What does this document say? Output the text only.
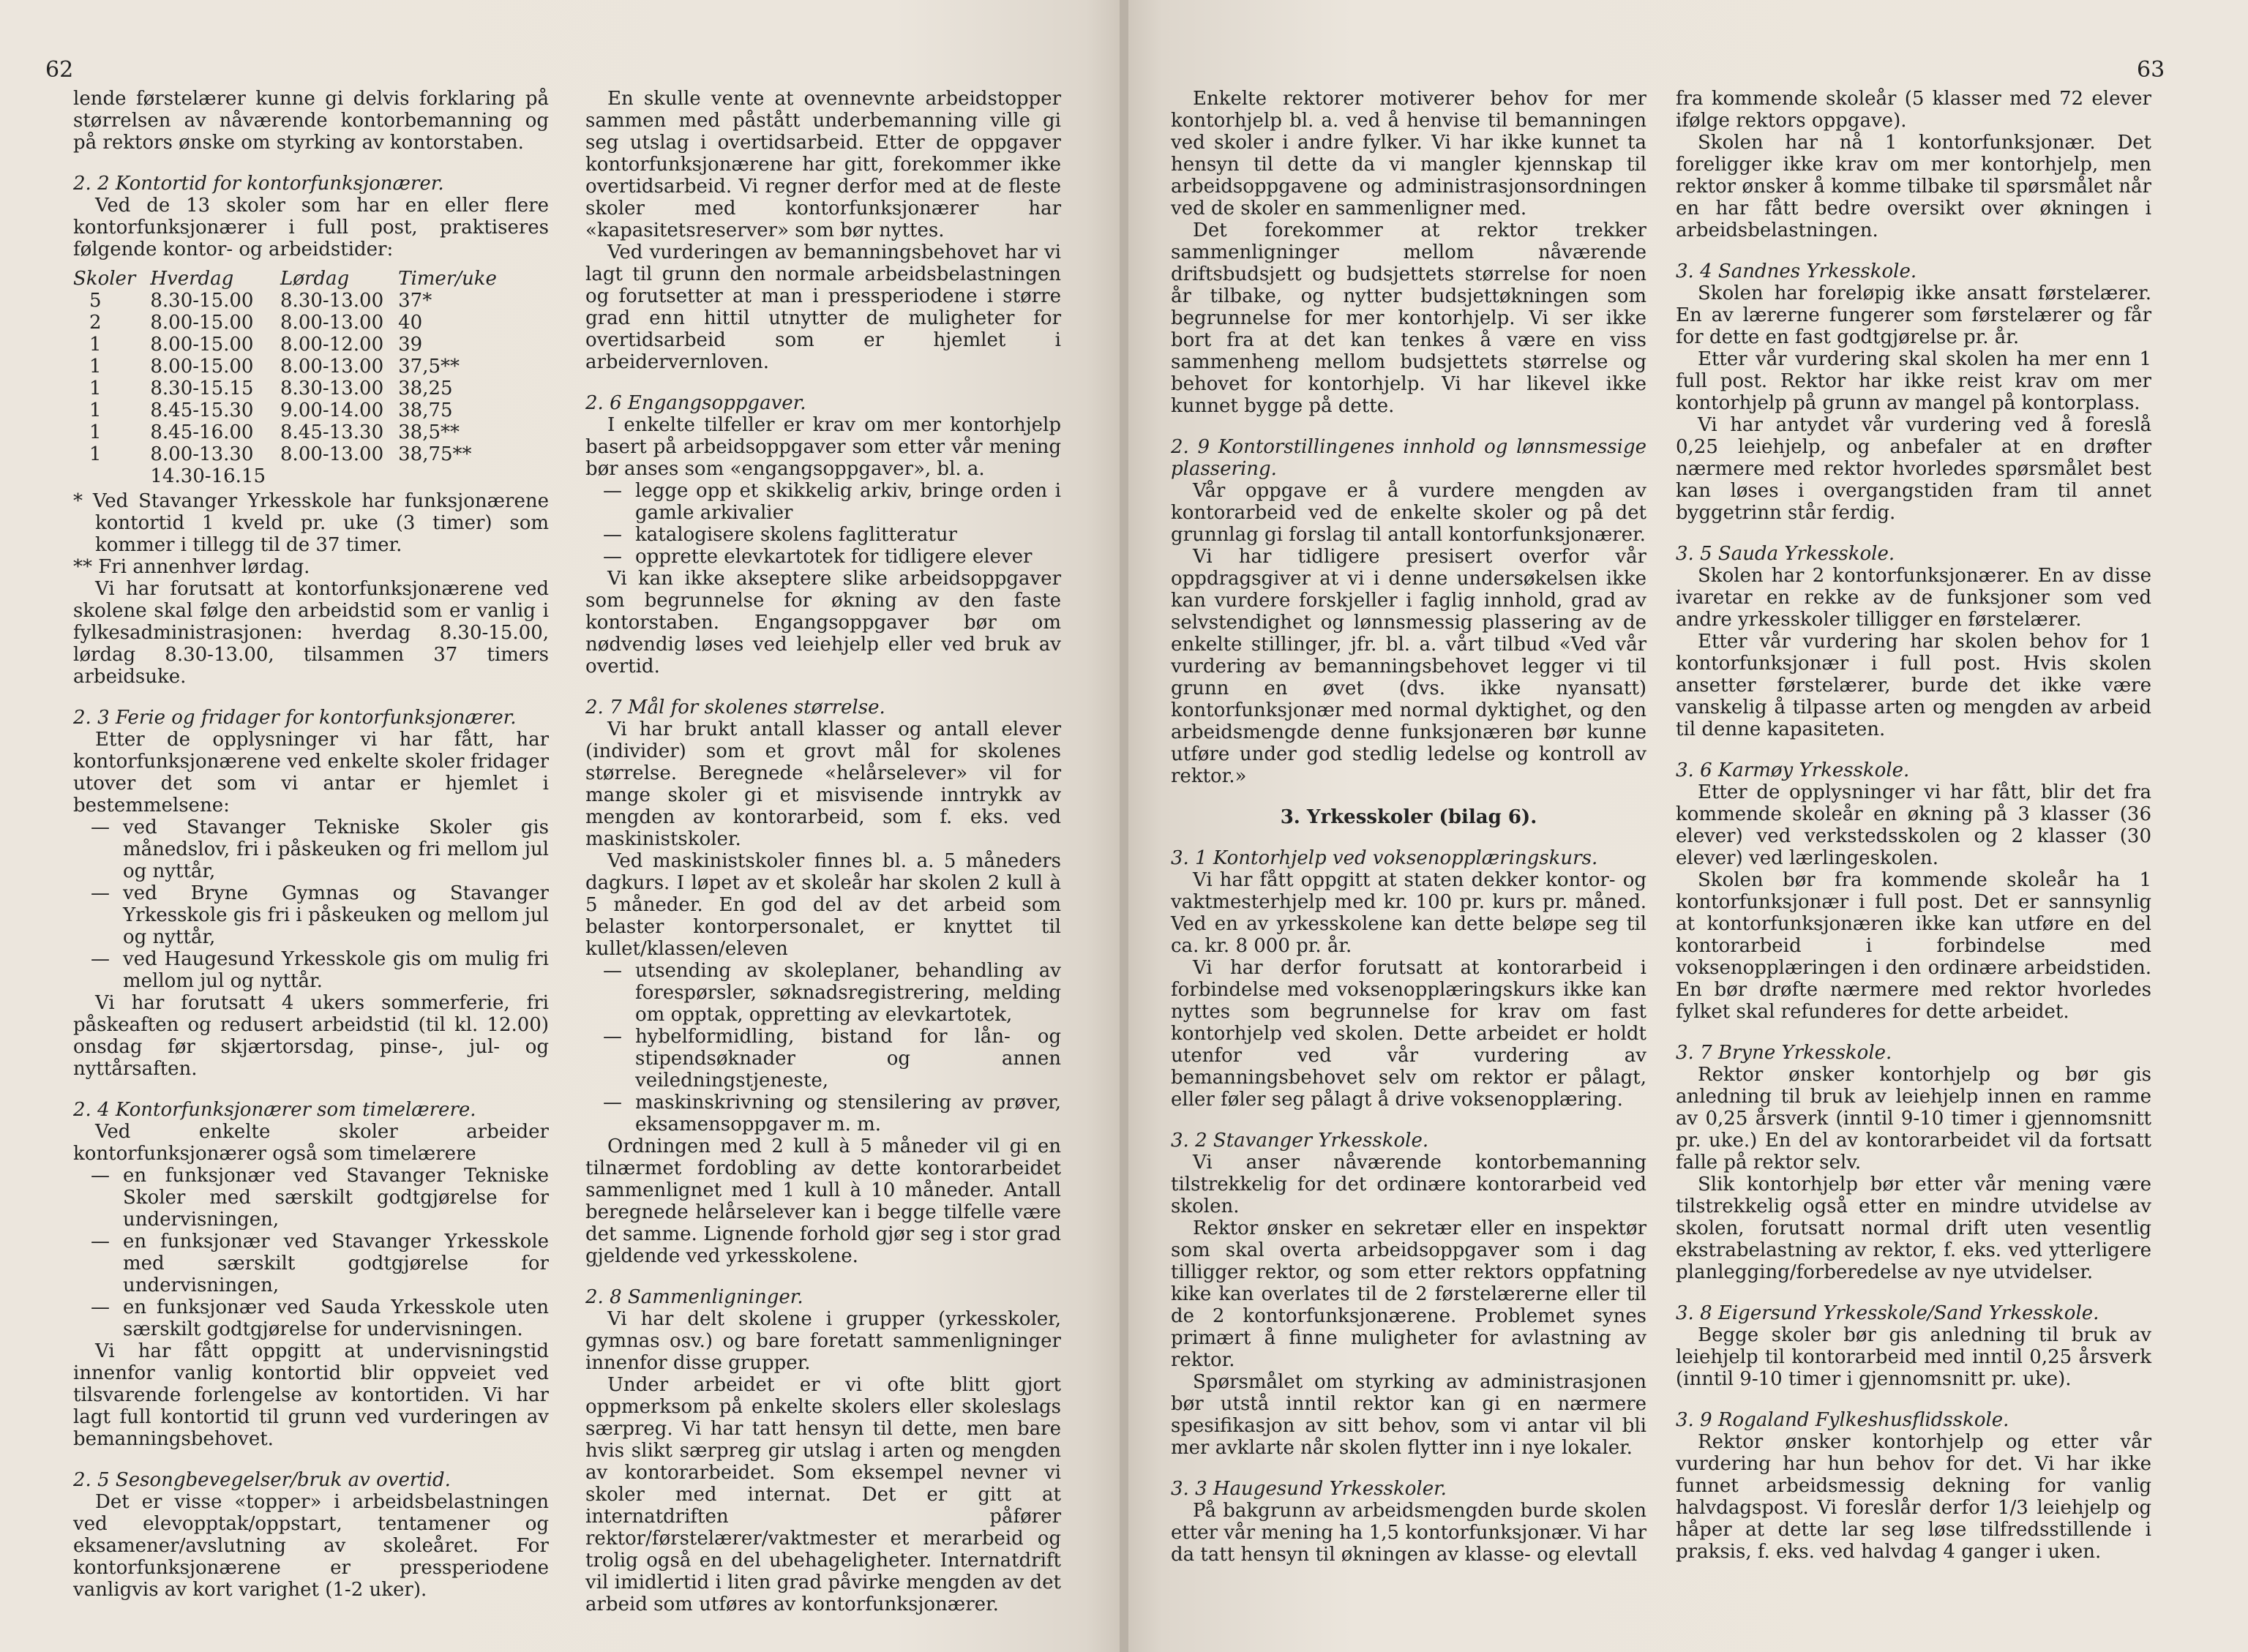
62

lende førstelærer kunne gi delvis forklaring på størrelsen av nåværende kontorbemanning og på rektors ønske om styrking av kontorstaben.

2. 2 Kontortid for kontorfunksjonærer.

Ved de 13 skoler som har en eller flere kontorfunksjonærer i full post, praktiseres følgende kontor- og arbeidstider:

Skoler	Hverdag	Lørdag	Timer/uke
5	8.30-15.00	8.30-13.00	37*
2	8.00-15.00	8.00-13.00	40
1	8.00-15.00	8.00-12.00	39
1	8.00-15.00	8.00-13.00	37,5**
1	8.30-15.15	8.30-13.00	38,25
1	8.45-15.30	9.00-14.00	38,75
1	8.45-16.00	8.45-13.30	38,5**
1	8.00-13.30	8.00-13.00	38,75**
	14.30-16.15		

* Ved Stavanger Yrkesskole har funksjonærene kontortid 1 kveld pr. uke (3 timer) som kommer i tillegg til de 37 timer.

** Fri annenhver lørdag.

Vi har forutsatt at kontorfunksjonærene ved skolene skal følge den arbeidstid som er vanlig i fylkesadministrasjonen: hverdag 8.30-15.00, lørdag 8.30-13.00, tilsammen 37 timers arbeidsuke.

2. 3 Ferie og fridager for kontorfunksjonærer.

Etter de opplysninger vi har fått, har kontorfunksjonærene ved enkelte skoler fridager utover det som vi antar er hjemlet i bestemmelsene:

— ved Stavanger Tekniske Skoler gis månedslov, fri i påskeuken og fri mellom jul og nyttår,
— ved Bryne Gymnas og Stavanger Yrkesskole gis fri i påskeuken og mellom jul og nyttår,
— ved Haugesund Yrkesskole gis om mulig fri mellom jul og nyttår.

Vi har forutsatt 4 ukers sommerferie, fri påskeaften og redusert arbeidstid (til kl. 12.00) onsdag før skjærtorsdag, pinse-, jul- og nyttårsaften.

2. 4 Kontorfunksjonærer som timelærere.

Ved enkelte skoler arbeider kontorfunksjonærer også som timelærere

— en funksjonær ved Stavanger Tekniske Skoler med særskilt godtgjørelse for undervisningen,
— en funksjonær ved Stavanger Yrkesskole med særskilt godtgjørelse for undervisningen,
— en funksjonær ved Sauda Yrkesskole uten særskilt godtgjørelse for undervisningen.

Vi har fått oppgitt at undervisningstid innenfor vanlig kontortid blir oppveiet ved tilsvarende forlengelse av kontortiden. Vi har lagt full kontortid til grunn ved vurderingen av bemanningsbehovet.

2. 5 Sesongbevegelser/bruk av overtid.

Det er visse «topper» i arbeidsbelastningen ved elevopptak/oppstart, tentamener og eksamener/avslutning av skoleåret. For kontorfunksjonærene er pressperiodene vanligvis av kort varighet (1-2 uker).

En skulle vente at ovennevnte arbeidstopper sammen med påstått underbemanning ville gi seg utslag i overtidsarbeid. Etter de oppgaver kontorfunksjonærene har gitt, forekommer ikke overtidsarbeid. Vi regner derfor med at de fleste skoler med kontorfunksjonærer har «kapasitetsreserver» som bør nyttes.

Ved vurderingen av bemanningsbehovet har vi lagt til grunn den normale arbeidsbelastningen og forutsetter at man i pressperiodene i større grad enn hittil utnytter de muligheter for overtidsarbeid som er hjemlet i arbeidervernloven.

2. 6 Engangsoppgaver.

I enkelte tilfeller er krav om mer kontorhjelp basert på arbeidsoppgaver som etter vår mening bør anses som «engangsoppgaver», bl. a.

— legge opp et skikkelig arkiv, bringe orden i gamle arkivalier
— katalogisere skolens faglitteratur
— opprette elevkartotek for tidligere elever

Vi kan ikke akseptere slike arbeidsoppgaver som begrunnelse for økning av den faste kontorstaben. Engangsoppgaver bør om nødvendig løses ved leiehjelp eller ved bruk av overtid.

2. 7 Mål for skolenes størrelse.

Vi har brukt antall klasser og antall elever (individer) som et grovt mål for skolenes størrelse. Beregnede «helårselever» vil for mange skoler gi et misvisende inntrykk av mengden av kontorarbeid, som f. eks. ved maskinistskoler.

Ved maskinistskoler finnes bl. a. 5 måneders dagkurs. I løpet av et skoleår har skolen 2 kull à 5 måneder. En god del av det arbeid som belaster kontorpersonalet, er knyttet til kullet/klassen/eleven

— utsending av skoleplaner, behandling av forespørsler, søknadsregistrering, melding om opptak, oppretting av elevkartotek,
— hybelformidling, bistand for lån- og stipendsøknader og annen veiledningstjeneste,
— maskinskrivning og stensilering av prøver, eksamensoppgaver m. m.

Ordningen med 2 kull à 5 måneder vil gi en tilnærmet fordobling av dette kontorarbeidet sammenlignet med 1 kull à 10 måneder. Antall beregnede helårselever kan i begge tilfelle være det samme. Lignende forhold gjør seg i stor grad gjeldende ved yrkesskolene.

2. 8 Sammenligninger.

Vi har delt skolene i grupper (yrkesskoler, gymnas osv.) og bare foretatt sammenligninger innenfor disse grupper.

Under arbeidet er vi ofte blitt gjort oppmerksom på enkelte skolers eller skoleslags særpreg. Vi har tatt hensyn til dette, men bare hvis slikt særpreg gir utslag i arten og mengden av kontorarbeidet. Som eksempel nevner vi skoler med internat. Det er gitt at internatdriften påfører rektor/førstelærer/vaktmester et merarbeid og trolig også en del ubehageligheter. Internatdrift vil imidlertid i liten grad påvirke mengden av det arbeid som utføres av kontorfunksjonærer.

63

Enkelte rektorer motiverer behov for mer kontorhjelp bl. a. ved å henvise til bemanningen ved skoler i andre fylker. Vi har ikke kunnet ta hensyn til dette da vi mangler kjennskap til arbeidsoppgavene og administrasjonsordningen ved de skoler en sammenligner med.

Det forekommer at rektor trekker sammenligninger mellom nåværende driftsbudsjett og budsjettets størrelse for noen år tilbake, og nytter budsjettøkningen som begrunnelse for mer kontorhjelp. Vi ser ikke bort fra at det kan tenkes å være en viss sammenheng mellom budsjettets størrelse og behovet for kontorhjelp. Vi har likevel ikke kunnet bygge på dette.

2. 9 Kontorstillingenes innhold og lønnsmessige plassering.

Vår oppgave er å vurdere mengden av kontorarbeid ved de enkelte skoler og på det grunnlag gi forslag til antall kontorfunksjonærer.

Vi har tidligere presisert overfor vår oppdragsgiver at vi i denne undersøkelsen ikke kan vurdere forskjeller i faglig innhold, grad av selvstendighet og lønnsmessig plassering av de enkelte stillinger, jfr. bl. a. vårt tilbud «Ved vår vurdering av bemanningsbehovet legger vi til grunn en øvet (dvs. ikke nyansatt) kontorfunksjonær med normal dyktighet, og den arbeidsmengde denne funksjonæren bør kunne utføre under god stedlig ledelse og kontroll av rektor.»

3. Yrkesskoler (bilag 6).

3. 1 Kontorhjelp ved voksenopplæringskurs.

Vi har fått oppgitt at staten dekker kontor- og vaktmesterhjelp med kr. 100 pr. kurs pr. måned. Ved en av yrkesskolene kan dette beløpe seg til ca. kr. 8 000 pr. år.

Vi har derfor forutsatt at kontorarbeid i forbindelse med voksenopplæringskurs ikke kan nyttes som begrunnelse for krav om fast kontorhjelp ved skolen. Dette arbeidet er holdt utenfor ved vår vurdering av bemanningsbehovet selv om rektor er pålagt, eller føler seg pålagt å drive voksenopplæring.

3. 2 Stavanger Yrkesskole.

Vi anser nåværende kontorbemanning tilstrekkelig for det ordinære kontorarbeid ved skolen.

Rektor ønsker en sekretær eller en inspektør som skal overta arbeidsoppgaver som i dag tilligger rektor, og som etter rektors oppfatning kike kan overlates til de 2 førstelærerne eller til de 2 kontorfunksjonærene. Problemet synes primært å finne muligheter for avlastning av rektor.

Spørsmålet om styrking av administrasjonen bør utstå inntil rektor kan gi en nærmere spesifikasjon av sitt behov, som vi antar vil bli mer avklarte når skolen flytter inn i nye lokaler.

3. 3 Haugesund Yrkesskoler.

På bakgrunn av arbeidsmengden burde skolen etter vår mening ha 1,5 kontorfunksjonær. Vi har da tatt hensyn til økningen av klasse- og elevtall

fra kommende skoleår (5 klasser med 72 elever ifølge rektors oppgave).

Skolen har nå 1 kontorfunksjonær. Det foreligger ikke krav om mer kontorhjelp, men rektor ønsker å komme tilbake til spørsmålet når en har fått bedre oversikt over økningen i arbeidsbelastningen.

3. 4 Sandnes Yrkesskole.

Skolen har foreløpig ikke ansatt førstelærer. En av lærerne fungerer som førstelærer og får for dette en fast godtgjørelse pr. år.

Etter vår vurdering skal skolen ha mer enn 1 full post. Rektor har ikke reist krav om mer kontorhjelp på grunn av mangel på kontorplass.

Vi har antydet vår vurdering ved å foreslå 0,25 leiehjelp, og anbefaler at en drøfter nærmere med rektor hvorledes spørsmålet best kan løses i overgangstiden fram til annet byggetrinn står ferdig.

3. 5 Sauda Yrkesskole.

Skolen har 2 kontorfunksjonærer. En av disse ivaretar en rekke av de funksjoner som ved andre yrkesskoler tilligger en førstelærer.

Etter vår vurdering har skolen behov for 1 kontorfunksjonær i full post. Hvis skolen ansetter førstelærer, burde det ikke være vanskelig å tilpasse arten og mengden av arbeid til denne kapasiteten.

3. 6 Karmøy Yrkesskole.

Etter de opplysninger vi har fått, blir det fra kommende skoleår en økning på 3 klasser (36 elever) ved verkstedsskolen og 2 klasser (30 elever) ved lærlingeskolen.

Skolen bør fra kommende skoleår ha 1 kontorfunksjonær i full post. Det er sannsynlig at kontorfunksjonæren ikke kan utføre en del kontorarbeid i forbindelse med voksenopplæringen i den ordinære arbeidstiden. En bør drøfte nærmere med rektor hvorledes fylket skal refunderes for dette arbeidet.

3. 7 Bryne Yrkesskole.

Rektor ønsker kontorhjelp og bør gis anledning til bruk av leiehjelp innen en ramme av 0,25 årsverk (inntil 9-10 timer i gjennomsnitt pr. uke.) En del av kontorarbeidet vil da fortsatt falle på rektor selv.

Slik kontorhjelp bør etter vår mening være tilstrekkelig også etter en mindre utvidelse av skolen, forutsatt normal drift uten vesentlig ekstrabelastning av rektor, f. eks. ved ytterligere planlegging/forberedelse av nye utvidelser.

3. 8 Eigersund Yrkesskole/Sand Yrkesskole.

Begge skoler bør gis anledning til bruk av leiehjelp til kontorarbeid med inntil 0,25 årsverk (inntil 9-10 timer i gjennomsnitt pr. uke).

3. 9 Rogaland Fylkeshusflidsskole.

Rektor ønsker kontorhjelp og etter vår vurdering har hun behov for det. Vi har ikke funnet arbeidsmessig dekning for vanlig halvdagspost. Vi foreslår derfor 1/3 leiehjelp og håper at dette lar seg løse tilfredsstillende i praksis, f. eks. ved halvdag 4 ganger i uken.
